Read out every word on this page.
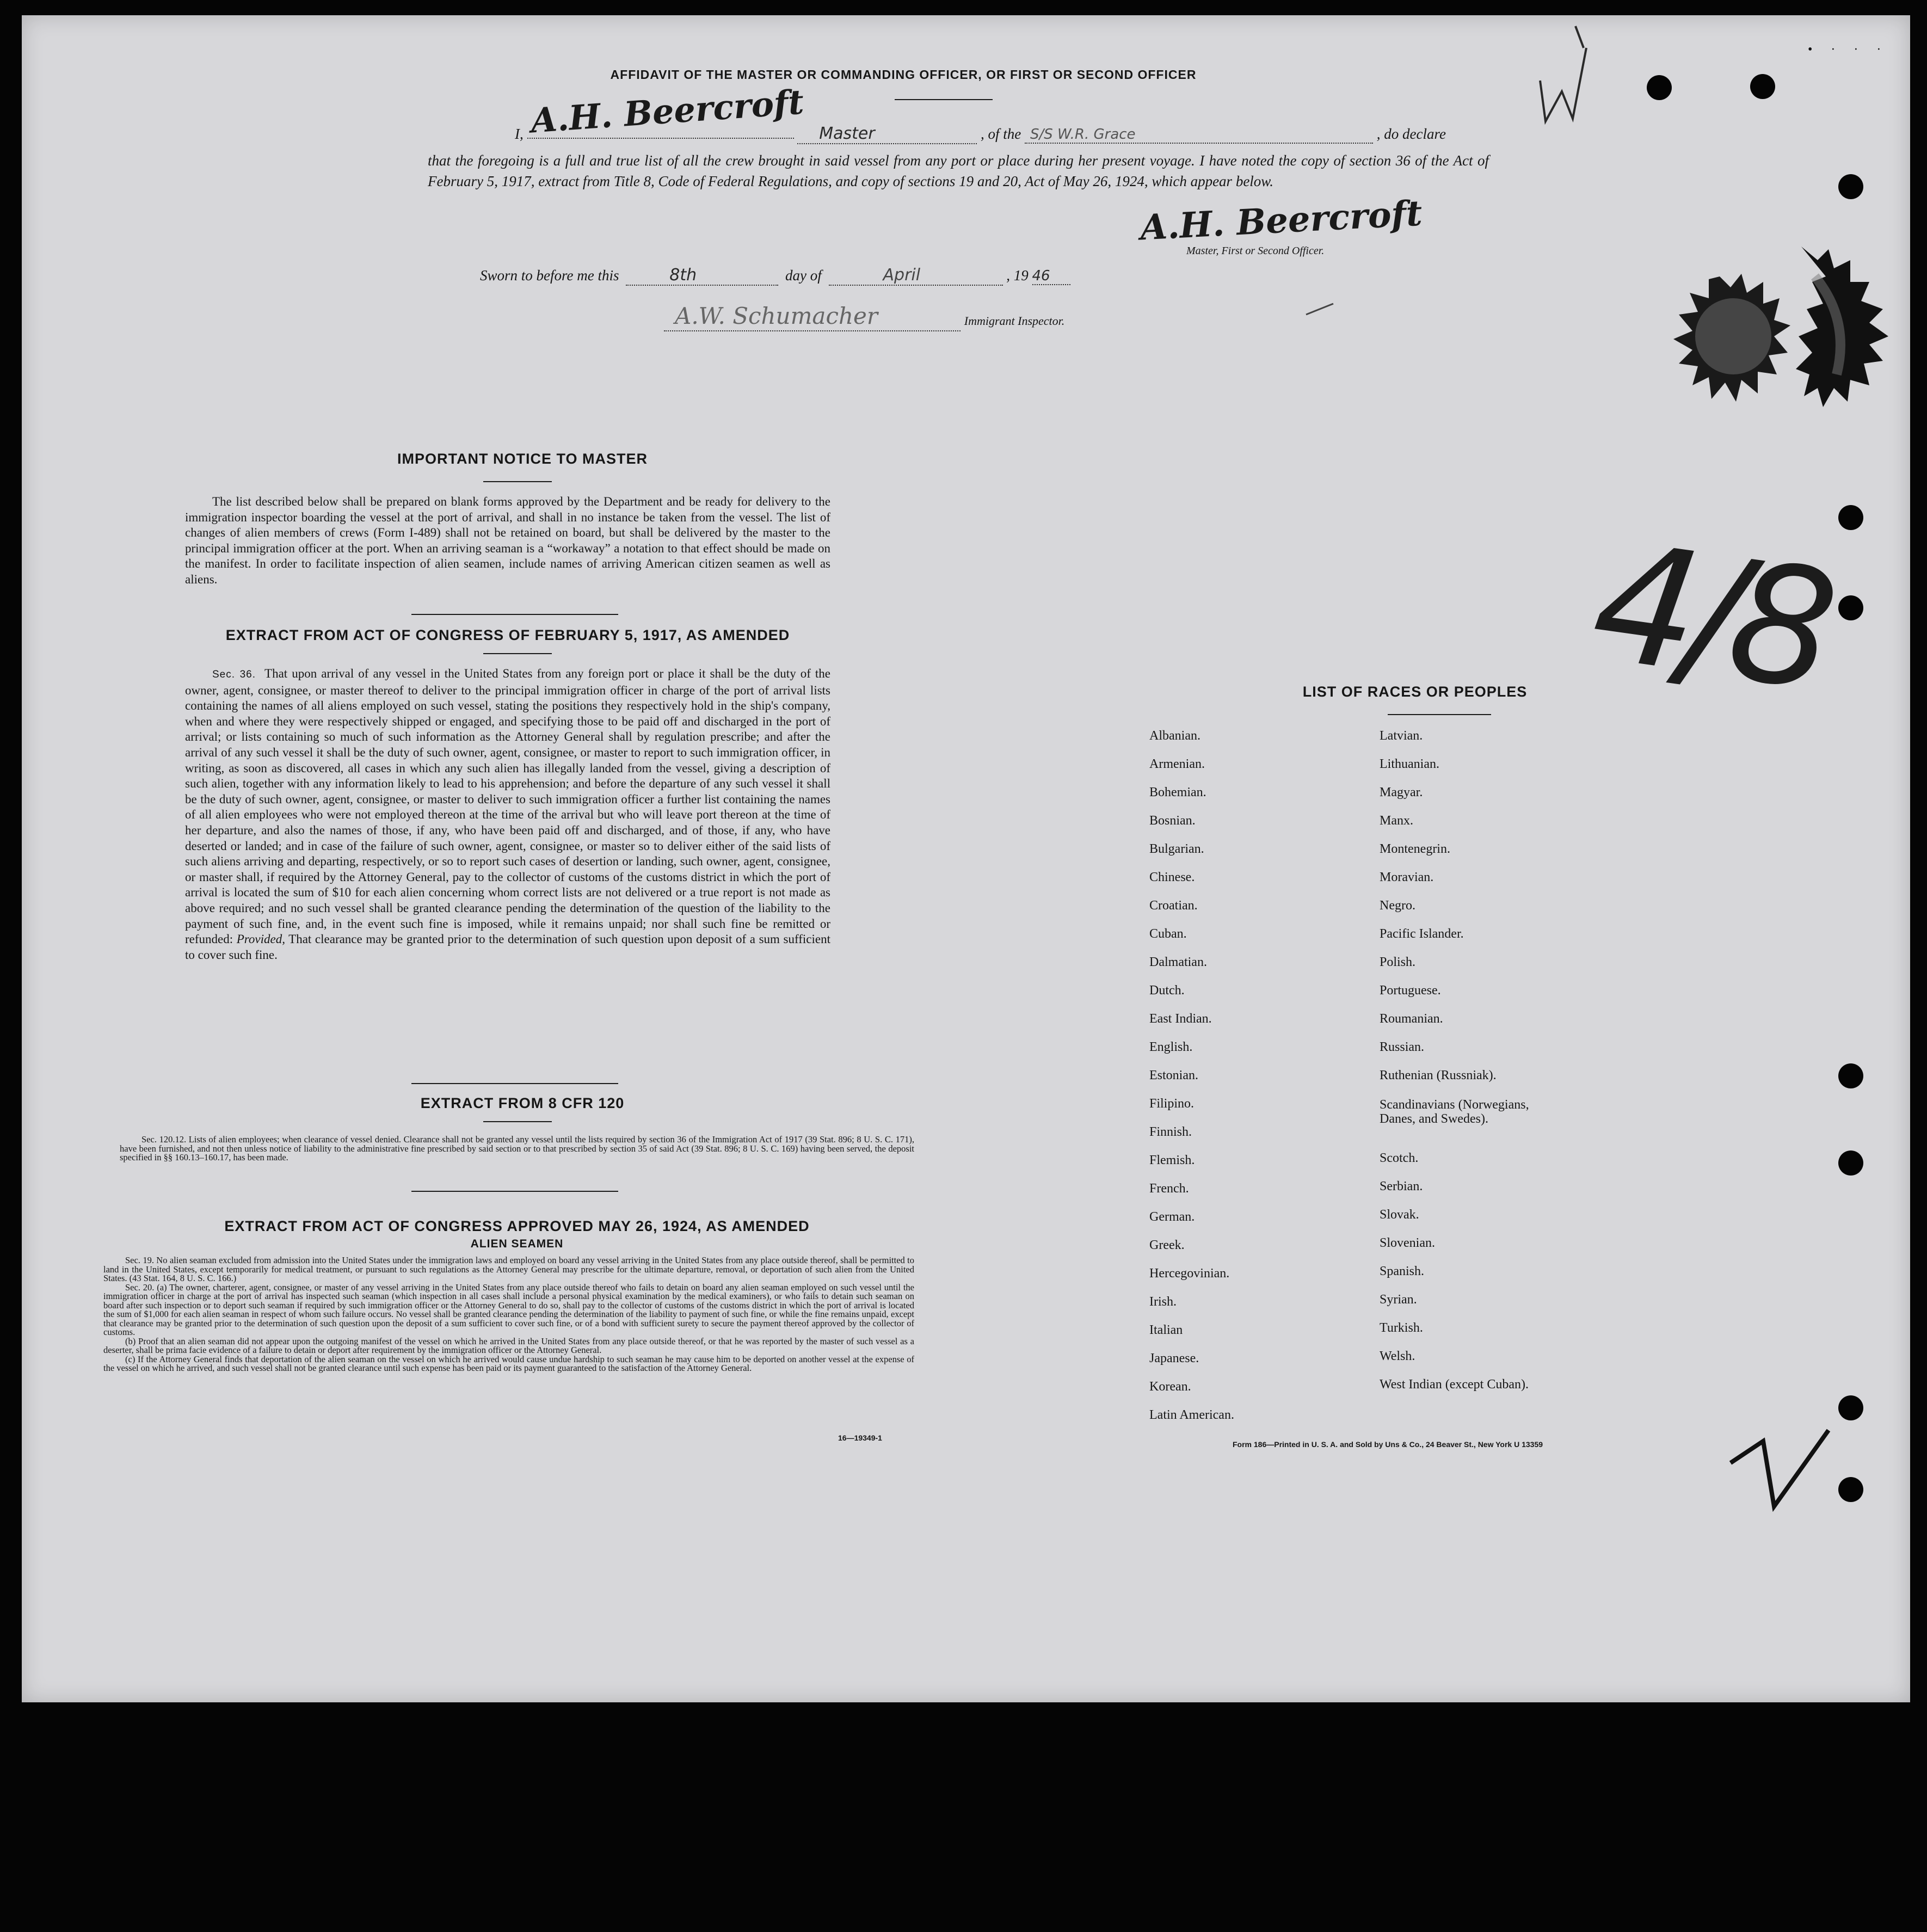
AFFIDAVIT OF THE MASTER OR COMMANDING OFFICER, OR FIRST OR SECOND OFFICER
I,	Master	, of the S/S W.R. Grace	, do declare
A.H. Beercroft
that the foregoing is a full and true list of all the crew brought in said vessel from any port or place during her present voyage. I have noted the copy of section 36 of the Act of February 5, 1917, extract from Title 8, Code of Federal Regulations, and copy of sections 19 and 20, Act of May 26, 1924, which appear below.
A.H. Beercroft
Master, First or Second Officer.
Sworn to before me this	8th	day of	April	, 19 46
A.W. Schumacher	Immigrant Inspector.
IMPORTANT NOTICE TO MASTER

The list described below shall be prepared on blank forms approved by the Department and be ready for delivery to the immigration inspector boarding the vessel at the port of arrival, and shall in no instance be taken from the vessel. The list of changes of alien members of crews (Form I-489) shall not be retained on board, but shall be delivered by the master to the principal immigration officer at the port. When an arriving seaman is a “workaway” a notation to that effect should be made on the manifest. In order to facilitate inspection of alien seamen, include names of arriving American citizen seamen as well as aliens.

EXTRACT FROM ACT OF CONGRESS OF FEBRUARY 5, 1917, AS AMENDED

Sec. 36. That upon arrival of any vessel in the United States from any foreign port or place it shall be the duty of the owner, agent, consignee, or master thereof to deliver to the principal immigration officer in charge of the port of arrival lists containing the names of all aliens employed on such vessel, stating the positions they respectively hold in the ship's company, when and where they were respectively shipped or engaged, and specifying those to be paid off and discharged in the port of arrival; or lists containing so much of such information as the Attorney General shall by regulation prescribe; and after the arrival of any such vessel it shall be the duty of such owner, agent, consignee, or master to report to such immigration officer, in writing, as soon as discovered, all cases in which any such alien has illegally landed from the vessel, giving a description of such alien, together with any information likely to lead to his apprehension; and before the departure of any such vessel it shall be the duty of such owner, agent, consignee, or master to deliver to such immigration officer a further list containing the names of all alien employees who were not employed thereon at the time of the arrival but who will leave port thereon at the time of her departure, and also the names of those, if any, who have been paid off and discharged, and of those, if any, who have deserted or landed; and in case of the failure of such owner, agent, consignee, or master so to deliver either of the said lists of such aliens arriving and departing, respectively, or so to report such cases of desertion or landing, such owner, agent, consignee, or master shall, if required by the Attorney General, pay to the collector of customs of the customs district in which the port of arrival is located the sum of $10 for each alien concerning whom correct lists are not delivered or a true report is not made as above required; and no such vessel shall be granted clearance pending the determination of the question of the liability to the payment of such fine, and, in the event such fine is imposed, while it remains unpaid; nor shall such fine be remitted or refunded: Provided, That clearance may be granted prior to the determination of such question upon deposit of a sum sufficient to cover such fine.

EXTRACT FROM 8 CFR 120

Sec. 120.12. Lists of alien employees; when clearance of vessel denied. Clearance shall not be granted any vessel until the lists required by section 36 of the Immigration Act of 1917 (39 Stat. 896; 8 U. S. C. 171), have been furnished, and not then unless notice of liability to the administrative fine prescribed by said section or to that prescribed by section 35 of said Act (39 Stat. 896; 8 U. S. C. 169) having been served, the deposit specified in §§ 160.13–160.17, has been made.

EXTRACT FROM ACT OF CONGRESS APPROVED MAY 26, 1924, AS AMENDED
ALIEN SEAMEN

Sec. 19. No alien seaman excluded from admission into the United States under the immigration laws and employed on board any vessel arriving in the United States from any place outside thereof, shall be permitted to land in the United States, except temporarily for medical treatment, or pursuant to such regulations as the Attorney General may prescribe for the ultimate departure, removal, or deportation of such alien from the United States. (43 Stat. 164, 8 U. S. C. 166.)

Sec. 20. (a) The owner, charterer, agent, consignee, or master of any vessel arriving in the United States from any place outside thereof who fails to detain on board any alien seaman employed on such vessel until the immigration officer in charge at the port of arrival has inspected such seaman (which inspection in all cases shall include a personal physical examination by the medical examiners), or who fails to detain such seaman on board after such inspection or to deport such seaman if required by such immigration officer or the Attorney General to do so, shall pay to the collector of customs of the customs district in which the port of arrival is located the sum of $1,000 for each alien seaman in respect of whom such failure occurs. No vessel shall be granted clearance pending the determination of the liability to payment of such fine, or while the fine remains unpaid, except that clearance may be granted prior to the determination of such question upon the deposit of a sum sufficient to cover such fine, or of a bond with sufficient surety to secure the payment thereof approved by the collector of customs.

(b) Proof that an alien seaman did not appear upon the outgoing manifest of the vessel on which he arrived in the United States from any place outside thereof, or that he was reported by the master of such vessel as a deserter, shall be prima facie evidence of a failure to detain or deport after requirement by the immigration officer or the Attorney General.

(c) If the Attorney General finds that deportation of the alien seaman on the vessel on which he arrived would cause undue hardship to such seaman he may cause him to be deported on another vessel at the expense of the vessel on which he arrived, and such vessel shall not be granted clearance until such expense has been paid or its payment guaranteed to the satisfaction of the Attorney General.

16—19349-1
LIST OF RACES OR PEOPLES
Form 186—Printed in U. S. A. and Sold by Uns & Co., 24 Beaver St., New York U 13359
4/8
• · · ·
Albanian.
Armenian.
Bohemian.
Bosnian.
Bulgarian.
Chinese.
Croatian.
Cuban.
Dalmatian.
Dutch.
East Indian.
English.
Estonian.
Filipino.
Finnish.
Flemish.
French.
German.
Greek.
Hercegovinian.
Irish.
Italian
Japanese.
Korean.
Latin American.
Latvian.
Lithuanian.
Magyar.
Manx.
Montenegrin.
Moravian.
Negro.
Pacific Islander.
Polish.
Portuguese.
Roumanian.
Russian.
Ruthenian (Russniak).
Scandinavians (Norwegians, Danes, and Swedes).
Scotch.
Serbian.
Slovak.
Slovenian.
Spanish.
Syrian.
Turkish.
Welsh.
West Indian (except Cuban).
